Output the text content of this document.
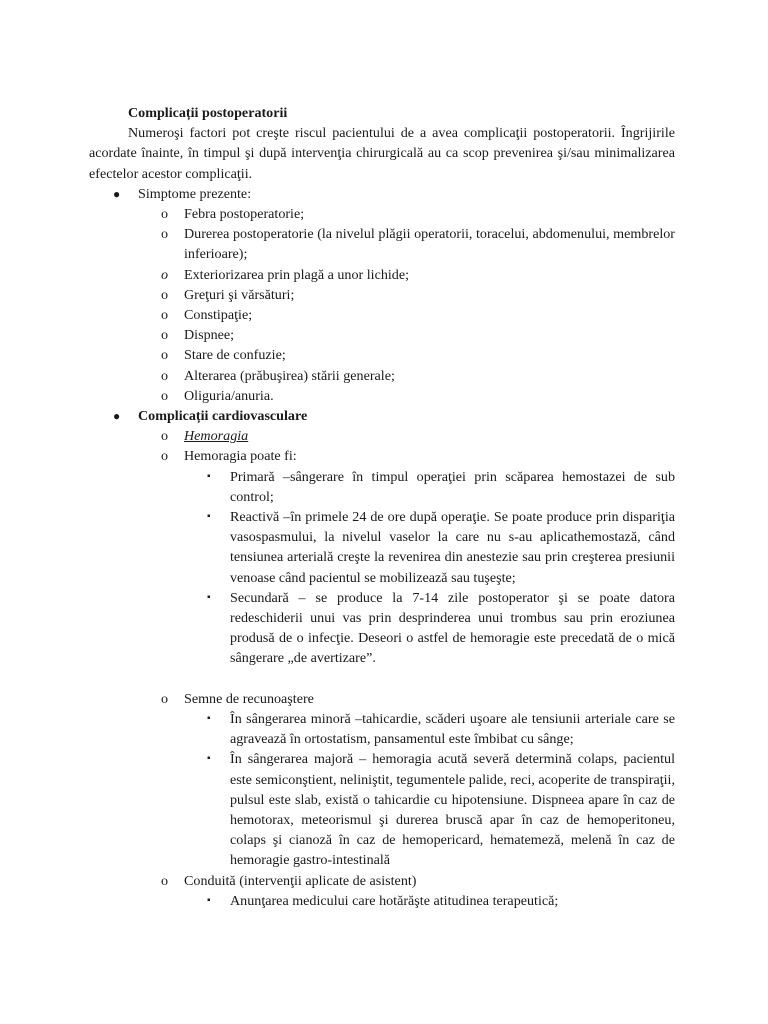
Complicații postoperatorii

Numeroşi factori pot creşte riscul pacientului de a avea complicaţii postoperatorii. Îngrijirile acordate înainte, în timpul şi după intervenţia chirurgicală au ca scop prevenirea şi/sau minimalizarea efectelor acestor complicaţii.

● Simptome prezente:
o Febra postoperatorie;
o Durerea postoperatorie (la nivelul plăgii operatorii, toracelui, abdomenului, membrelor inferioare);
o Exteriorizarea prin plagă a unor lichide;
o Greţuri şi vărsături;
o Constipaţie;
o Dispnee;
o Stare de confuzie;
o Alterarea (prăbuşirea) stării generale;
o Oliguria/anuria.
● Complicații cardiovasculare
o Hemoragia
o Hemoragia poate fi:
▪ Primară –sângerare în timpul operaţiei prin scăparea hemostazei de sub control;
▪ Reactivă –în primele 24 de ore după operaţie. Se poate produce prin dispariţia vasospasmului, la nivelul vaselor la care nu s-au aplicathemostază, când tensiunea arterială creşte la revenirea din anestezie sau prin creşterea presiunii venoase când pacientul se mobilizează sau tuşeşte;
▪ Secundară – se produce la 7-14 zile postoperator şi se poate datora redeschiderii unui vas prin desprinderea unui trombus sau prin eroziunea produsă de o infecţie. Deseori o astfel de hemoragie este precedată de o mică sângerare „de avertizare”.
o Semne de recunoaştere
▪ În sângerarea minoră –tahicardie, scăderi uşoare ale tensiunii arteriale care se agravează în ortostatism, pansamentul este îmbibat cu sânge;
▪ În sângerarea majoră – hemoragia acută severă determină colaps, pacientul este semiconştient, neliniştit, tegumentele palide, reci, acoperite de transpiraţii, pulsul este slab, există o tahicardie cu hipotensiune. Dispneea apare în caz de hemotorax, meteorismul şi durerea bruscă apar în caz de hemoperitoneu, colaps şi cianoză în caz de hemopericard, hematemeză, melenă în caz de hemoragie gastro-intestinală
o Conduită (intervenţii aplicate de asistent)
▪ Anunţarea medicului care hotărăşte atitudinea terapeutică;
